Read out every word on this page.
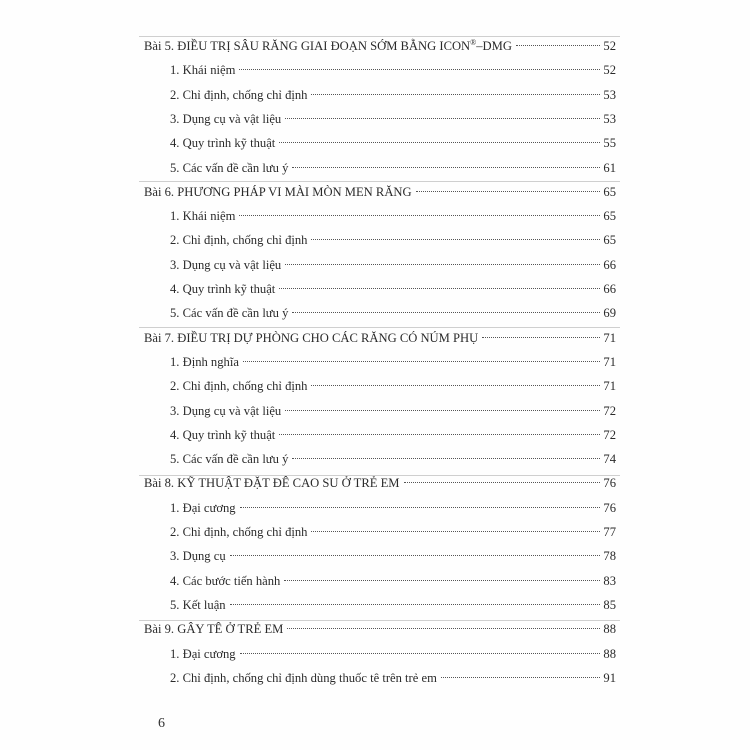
Bài 5. ĐIỀU TRỊ SÂU RĂNG GIAI ĐOẠN SỚM BẰNG ICON®–DMG	52
1. Khái niệm	52
2. Chỉ định, chống chỉ định	53
3. Dụng cụ và vật liệu	53
4. Quy trình kỹ thuật	55
5. Các vấn đề cần lưu ý	61
Bài 6. PHƯƠNG PHÁP VI MÀI MÒN MEN RĂNG	65
1. Khái niệm	65
2. Chỉ định, chống chỉ định	65
3. Dụng cụ và vật liệu	66
4. Quy trình kỹ thuật	66
5. Các vấn đề cần lưu ý	69
Bài 7. ĐIỀU TRỊ DỰ PHÒNG CHO CÁC RĂNG CÓ NÚM PHỤ	71
1. Định nghĩa	71
2. Chỉ định, chống chỉ định	71
3. Dụng cụ và vật liệu	72
4. Quy trình kỹ thuật	72
5. Các vấn đề cần lưu ý	74
Bài 8. KỸ THUẬT ĐẶT ĐÊ CAO SU Ở TRẺ EM	76
1. Đại cương	76
2. Chỉ định, chống chỉ định	77
3. Dụng cụ	78
4. Các bước tiến hành	83
5. Kết luận	85
Bài 9. GÂY TÊ Ở TRẺ EM	88
1. Đại cương	88
2. Chỉ định, chống chỉ định dùng thuốc tê trên trẻ em	91
6
